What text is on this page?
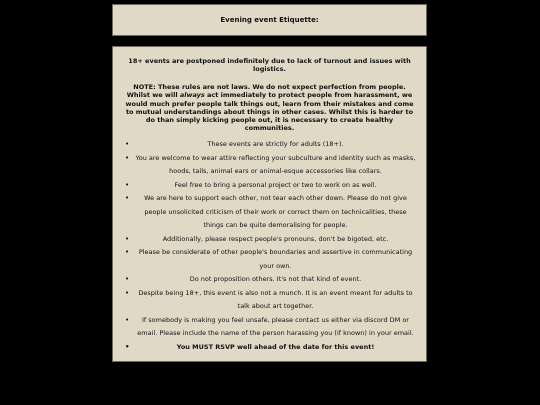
Evening event Etiquette:

18+ events are postponed indefinitely due to lack of turnout and issues with logistics.

NOTE: These rules are not laws. We do not expect perfection from people. Whilst we will always act immediately to protect people from harassment, we would much prefer people talk things out, learn from their mistakes and come to mutual understandings about things in other cases. Whilst this is harder to do than simply kicking people out, it is necessary to create healthy communities.

•	These events are strictly for adults (18+).
• You are welcome to wear attire reflecting your subculture and identity such as masks, hoods, tails, animal ears or animal-esque accessories like collars.
•	Feel free to bring a personal project or two to work on as well.
• We are here to support each other, not tear each other down. Please do not give people unsolicited criticism of their work or correct them on technicalities, these things can be quite demoralising for people.
•	Additionally, please respect people's pronouns, don't be bigoted, etc.
• Please be considerate of other people's boundaries and assertive in communicating your own.
•	Do not proposition others. It's not that kind of event.
• Despite being 18+, this event is also not a munch. It is an event meant for adults to talk about art together.
• If somebody is making you feel unsafe, please contact us either via discord DM or email. Please include the name of the person harassing you (if known) in your email.
•	You MUST RSVP well ahead of the date for this event!
